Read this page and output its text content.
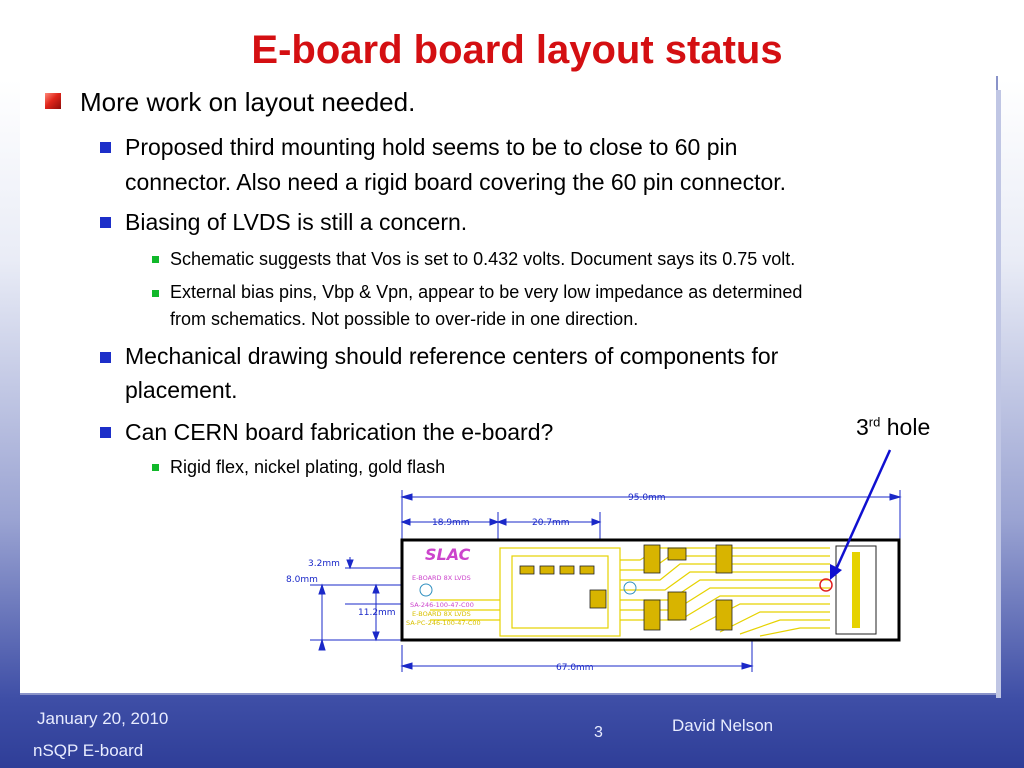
E-board board layout status

More work on layout needed.

Proposed third mounting hold seems to be to close to 60 pin

connector. Also need a rigid board covering the 60 pin connector.

Biasing of LVDS is still a concern.

Schematic suggests that Vos is set to 0.432 volts. Document says its 0.75 volt.

External bias pins, Vbp & Vpn, appear to be very low impedance as determined

from schematics. Not possible to over-ride in one direction.

Mechanical drawing should reference centers of components for

placement.

Can CERN board fabrication the e-board?

Rigid flex, nickel plating, gold flash

3rd hole
SLAC
E-BOARD 8X LVDS
SA-246-100-47-C00
E-BOARD 8X LVDS
SA-PC-246-100-47-C00
95.0mm
18.9mm	20.7mm
3.2mm
8.0mm
11.2mm
67.0mm
January 20, 2010
nSQP E-board
3	David Nelson
